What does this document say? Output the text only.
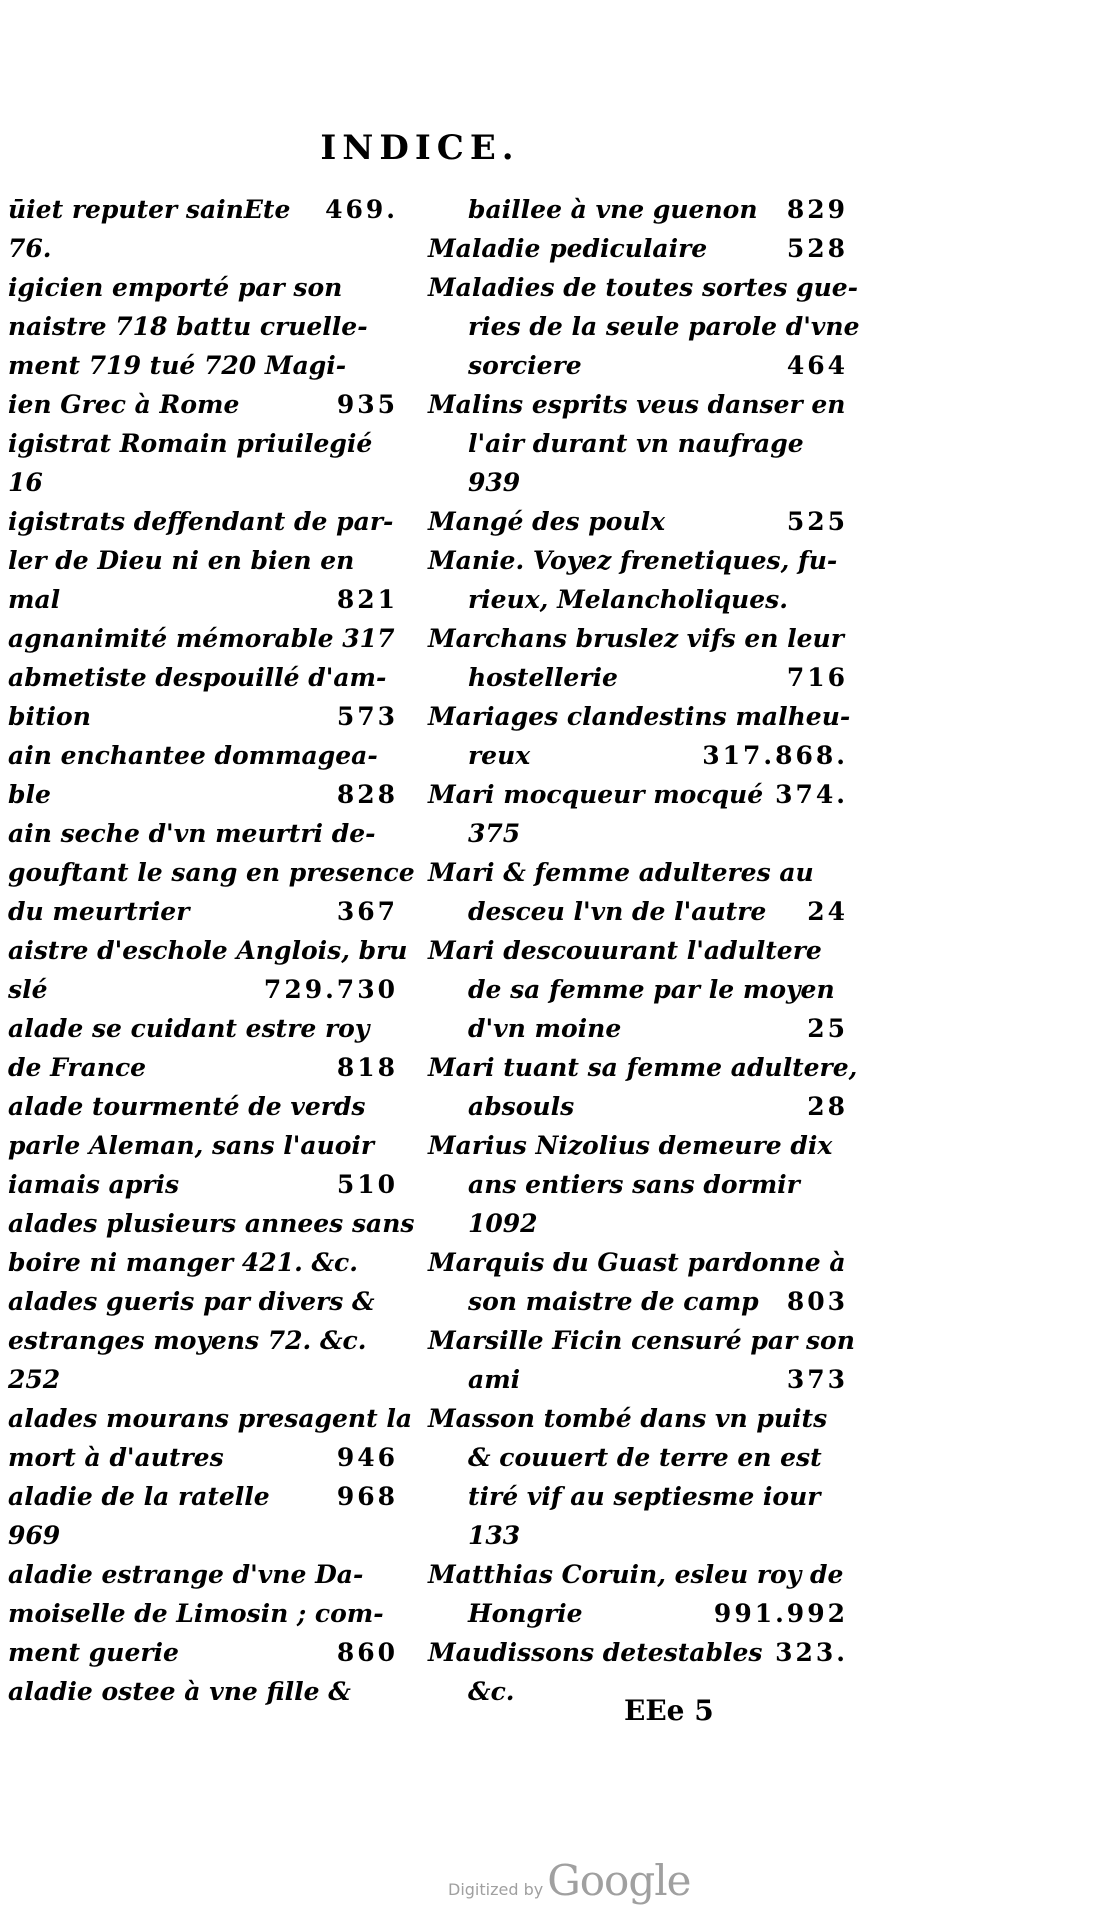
INDICE.
ūiet reputer sainEte 469.
76.
igicien emporté par son
naistre 718 battu cruelle-
ment 719 tué 720 Magi-
ien Grec à Rome	935
igistrat Romain priuilegié
16
igistrats deffendant de par-
ler de Dieu ni en bien en
mal	821
agnanimité mémorable 317
abmetiste despouillé d'am-
bition	573
ain enchantee dommagea-
ble	828
ain seche d'vn meurtri de-
gouftant le sang en presence
du meurtrier	367
aistre d'eschole Anglois, bru
slé	729.730
alade se cuidant estre roy
de France	818
alade tourmenté de verds
parle Aleman, sans l'auoir
iamais apris	510
alades plusieurs annees sans
boire ni manger 421. &c.
alades gueris par divers &
estranges moyens 72. &c.
252
alades mourans presagent la
mort à d'autres	946
aladie de la ratelle	968
969
aladie estrange d'vne Da-
moiselle de Limosin ; com-
ment guerie	860
aladie ostee à vne fille &
baillee à vne guenon 829
Maladie pediculaire	528
Maladies de toutes sortes gue-
ries de la seule parole d'vne
sorciere	464
Malins esprits veus danser en
l'air durant vn naufrage
939
Mangé des poulx	525
Manie. Voyez frenetiques, fu-
rieux, Melancholiques.
Marchans bruslez vifs en leur
hostellerie	716
Mariages clandestins malheu-
reux	317.868.
Mari mocqueur mocqué 374.
375
Mari & femme adulteres au
desceu l'vn de l'autre 24
Mari descouurant l'adultere
de sa femme par le moyen
d'vn moine	25
Mari tuant sa femme adultere,
absouls	28
Marius Nizolius demeure dix
ans entiers sans dormir
1092
Marquis du Guast pardonne à
son maistre de camp 803
Marsille Ficin censuré par son
ami	373
Masson tombé dans vn puits
& couuert de terre en est
tiré vif au septiesme iour
133
Matthias Coruin, esleu roy de
Hongrie	991.992
Maudissons detestables 323.
&c.
EEe 5
Digitized by Google
